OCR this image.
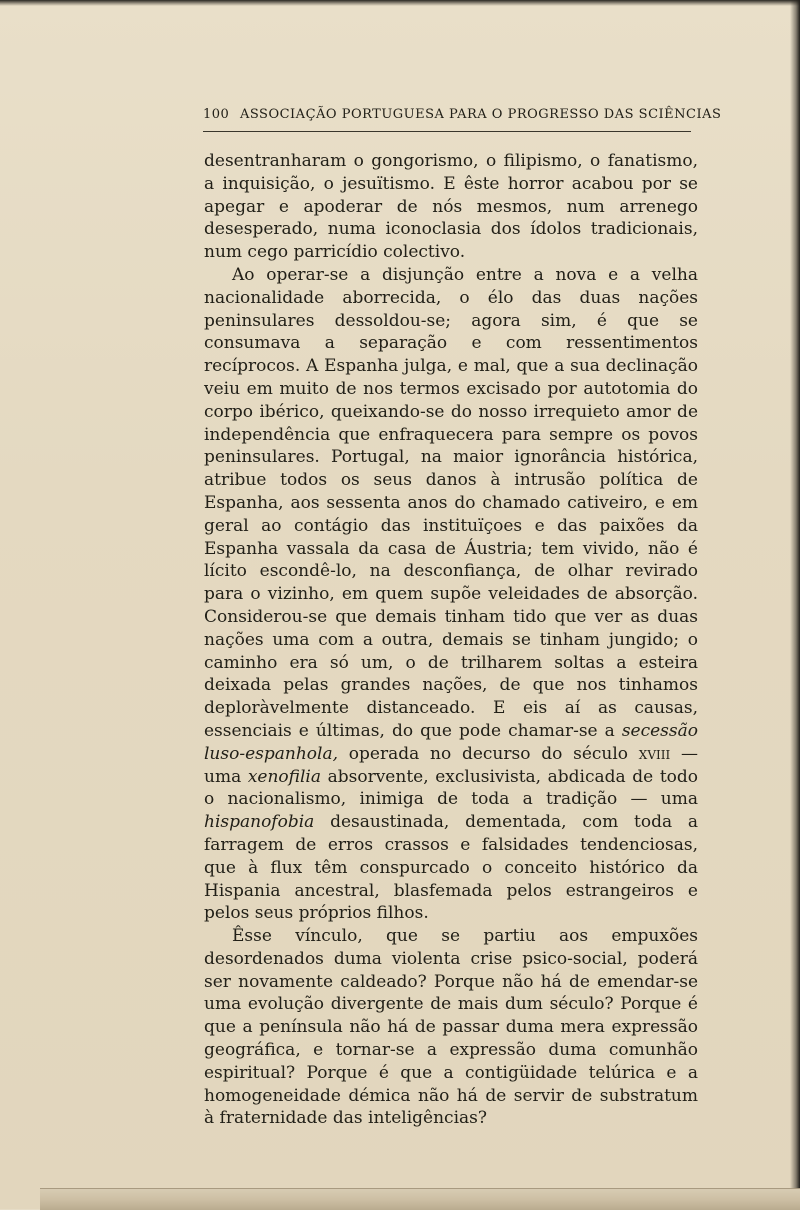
100 ASSOCIAÇÃO PORTUGUESA PARA O PROGRESSO DAS SCIÊNCIAS

desentranharam o gongorismo, o filipismo, o fanatismo, a inquisição, o jesuïtismo. E êste horror acabou por se apegar e apoderar de nós mesmos, num arrenego desesperado, numa iconoclasia dos ídolos tradicionais, num cego parricídio colectivo.

Ao operar-se a disjunção entre a nova e a velha nacionalidade aborrecida, o élo das duas nações peninsulares dessoldou-se; agora sim, é que se consumava a separação e com ressentimentos recíprocos. A Espanha julga, e mal, que a sua declinação veiu em muito de nos termos excisado por autotomia do corpo ibérico, queixando-se do nosso irrequieto amor de independência que enfraquecera para sempre os povos peninsulares. Portugal, na maior ignorância histórica, atribue todos os seus danos à intrusão política de Espanha, aos sessenta anos do chamado cativeiro, e em geral ao contágio das instituïçoes e das paixões da Espanha vassala da casa de Áustria; tem vivido, não é lícito escondê-lo, na desconfiança, de olhar revirado para o vizinho, em quem supõe veleidades de absorção. Considerou-se que demais tinham tido que ver as duas nações uma com a outra, demais se tinham jungido; o caminho era só um, o de trilharem soltas a esteira deixada pelas grandes nações, de que nos tinhamos deploràvelmente distanceado. E eis aí as causas, essenciais e últimas, do que pode chamar-se a secessão luso-espanhola, operada no decurso do século xviii — uma xenofilia absorvente, exclusivista, abdicada de todo o nacionalismo, inimiga de toda a tradição — uma hispanofobia desaustinada, dementada, com toda a farragem de erros crassos e falsidades tendenciosas, que à flux têm conspurcado o conceito histórico da Hispania ancestral, blasfemada pelos estrangeiros e pelos seus próprios filhos.

Êsse vínculo, que se partiu aos empuxões desordenados duma violenta crise psico-social, poderá ser novamente caldeado? Porque não há de emendar-se uma evolução divergente de mais dum século? Porque é que a península não há de passar duma mera expressão geográfica, e tornar-se a expressão duma comunhão espiritual? Porque é que a contigüidade telúrica e a homogeneidade démica não há de servir de substratum à fraternidade das inteligências?
